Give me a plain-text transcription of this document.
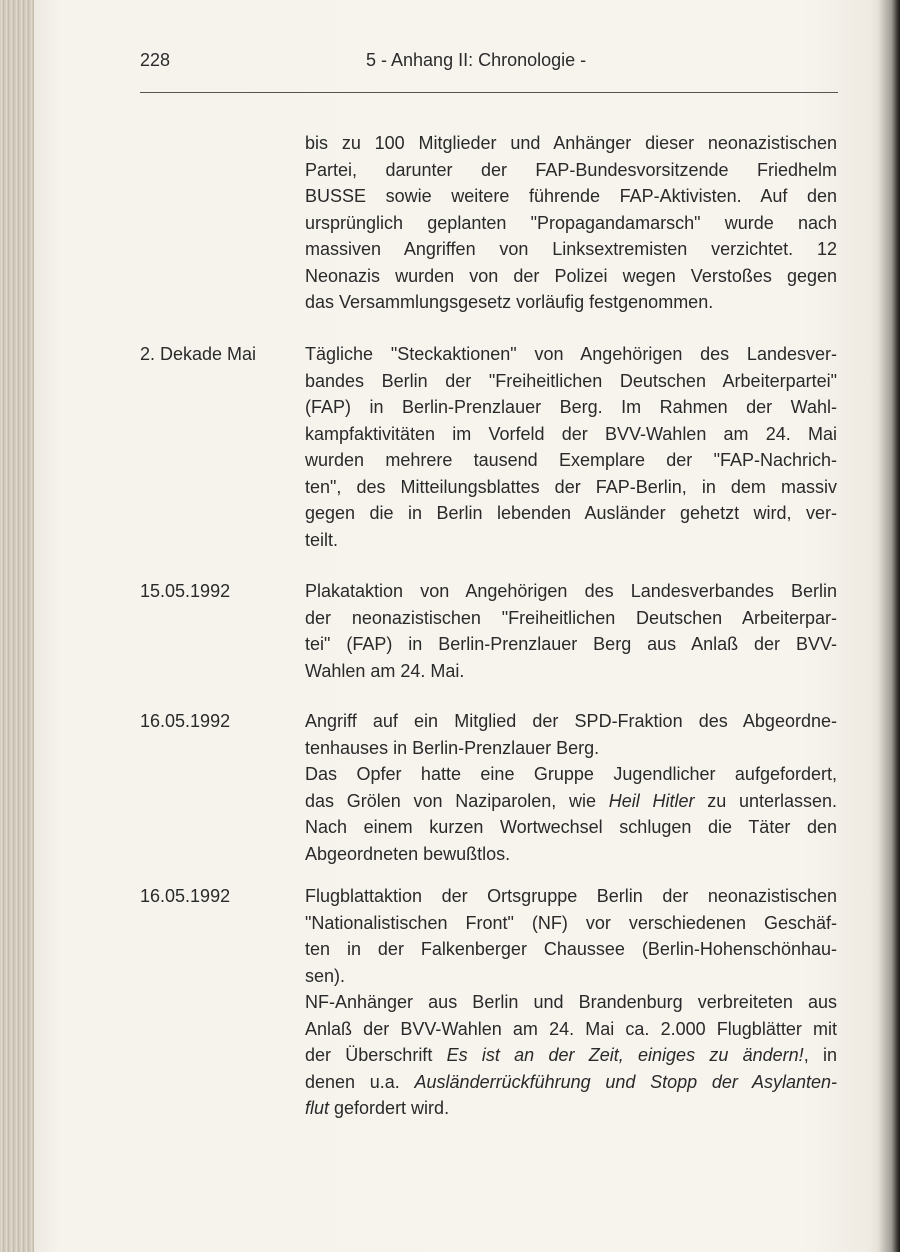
228	5 - Anhang II: Chronologie -
bis zu 100 Mitglieder und Anhänger dieser neonazistischen
Partei, darunter der FAP-Bundesvorsitzende Friedhelm
BUSSE sowie weitere führende FAP-Aktivisten. Auf den
ursprünglich geplanten "Propagandamarsch" wurde nach
massiven Angriffen von Linksextremisten verzichtet. 12
Neonazis wurden von der Polizei wegen Verstoßes gegen
das Versammlungsgesetz vorläufig festgenommen.
2. Dekade Mai	Tägliche "Steckaktionen" von Angehörigen des Landesver-
bandes Berlin der "Freiheitlichen Deutschen Arbeiterpartei"
(FAP) in Berlin-Prenzlauer Berg. Im Rahmen der Wahl-
kampfaktivitäten im Vorfeld der BVV-Wahlen am 24. Mai
wurden mehrere tausend Exemplare der "FAP-Nachrich-
ten", des Mitteilungsblattes der FAP-Berlin, in dem massiv
gegen die in Berlin lebenden Ausländer gehetzt wird, ver-
teilt.
15.05.1992	Plakataktion von Angehörigen des Landesverbandes Berlin
der neonazistischen "Freiheitlichen Deutschen Arbeiterpar-
tei" (FAP) in Berlin-Prenzlauer Berg aus Anlaß der BVV-
Wahlen am 24. Mai.
16.05.1992	Angriff auf ein Mitglied der SPD-Fraktion des Abgeordne-
tenhauses in Berlin-Prenzlauer Berg.
Das Opfer hatte eine Gruppe Jugendlicher aufgefordert,
das Grölen von Naziparolen, wie Heil Hitler zu unterlassen.
Nach einem kurzen Wortwechsel schlugen die Täter den
Abgeordneten bewußtlos.
16.05.1992	Flugblattaktion der Ortsgruppe Berlin der neonazistischen
"Nationalistischen Front" (NF) vor verschiedenen Geschäf-
ten in der Falkenberger Chaussee (Berlin-Hohenschönhau-
sen).
NF-Anhänger aus Berlin und Brandenburg verbreiteten aus
Anlaß der BVV-Wahlen am 24. Mai ca. 2.000 Flugblätter mit
der Überschrift Es ist an der Zeit, einiges zu ändern!, in
denen u.a. Ausländerrückführung und Stopp der Asylanten-
flut gefordert wird.
